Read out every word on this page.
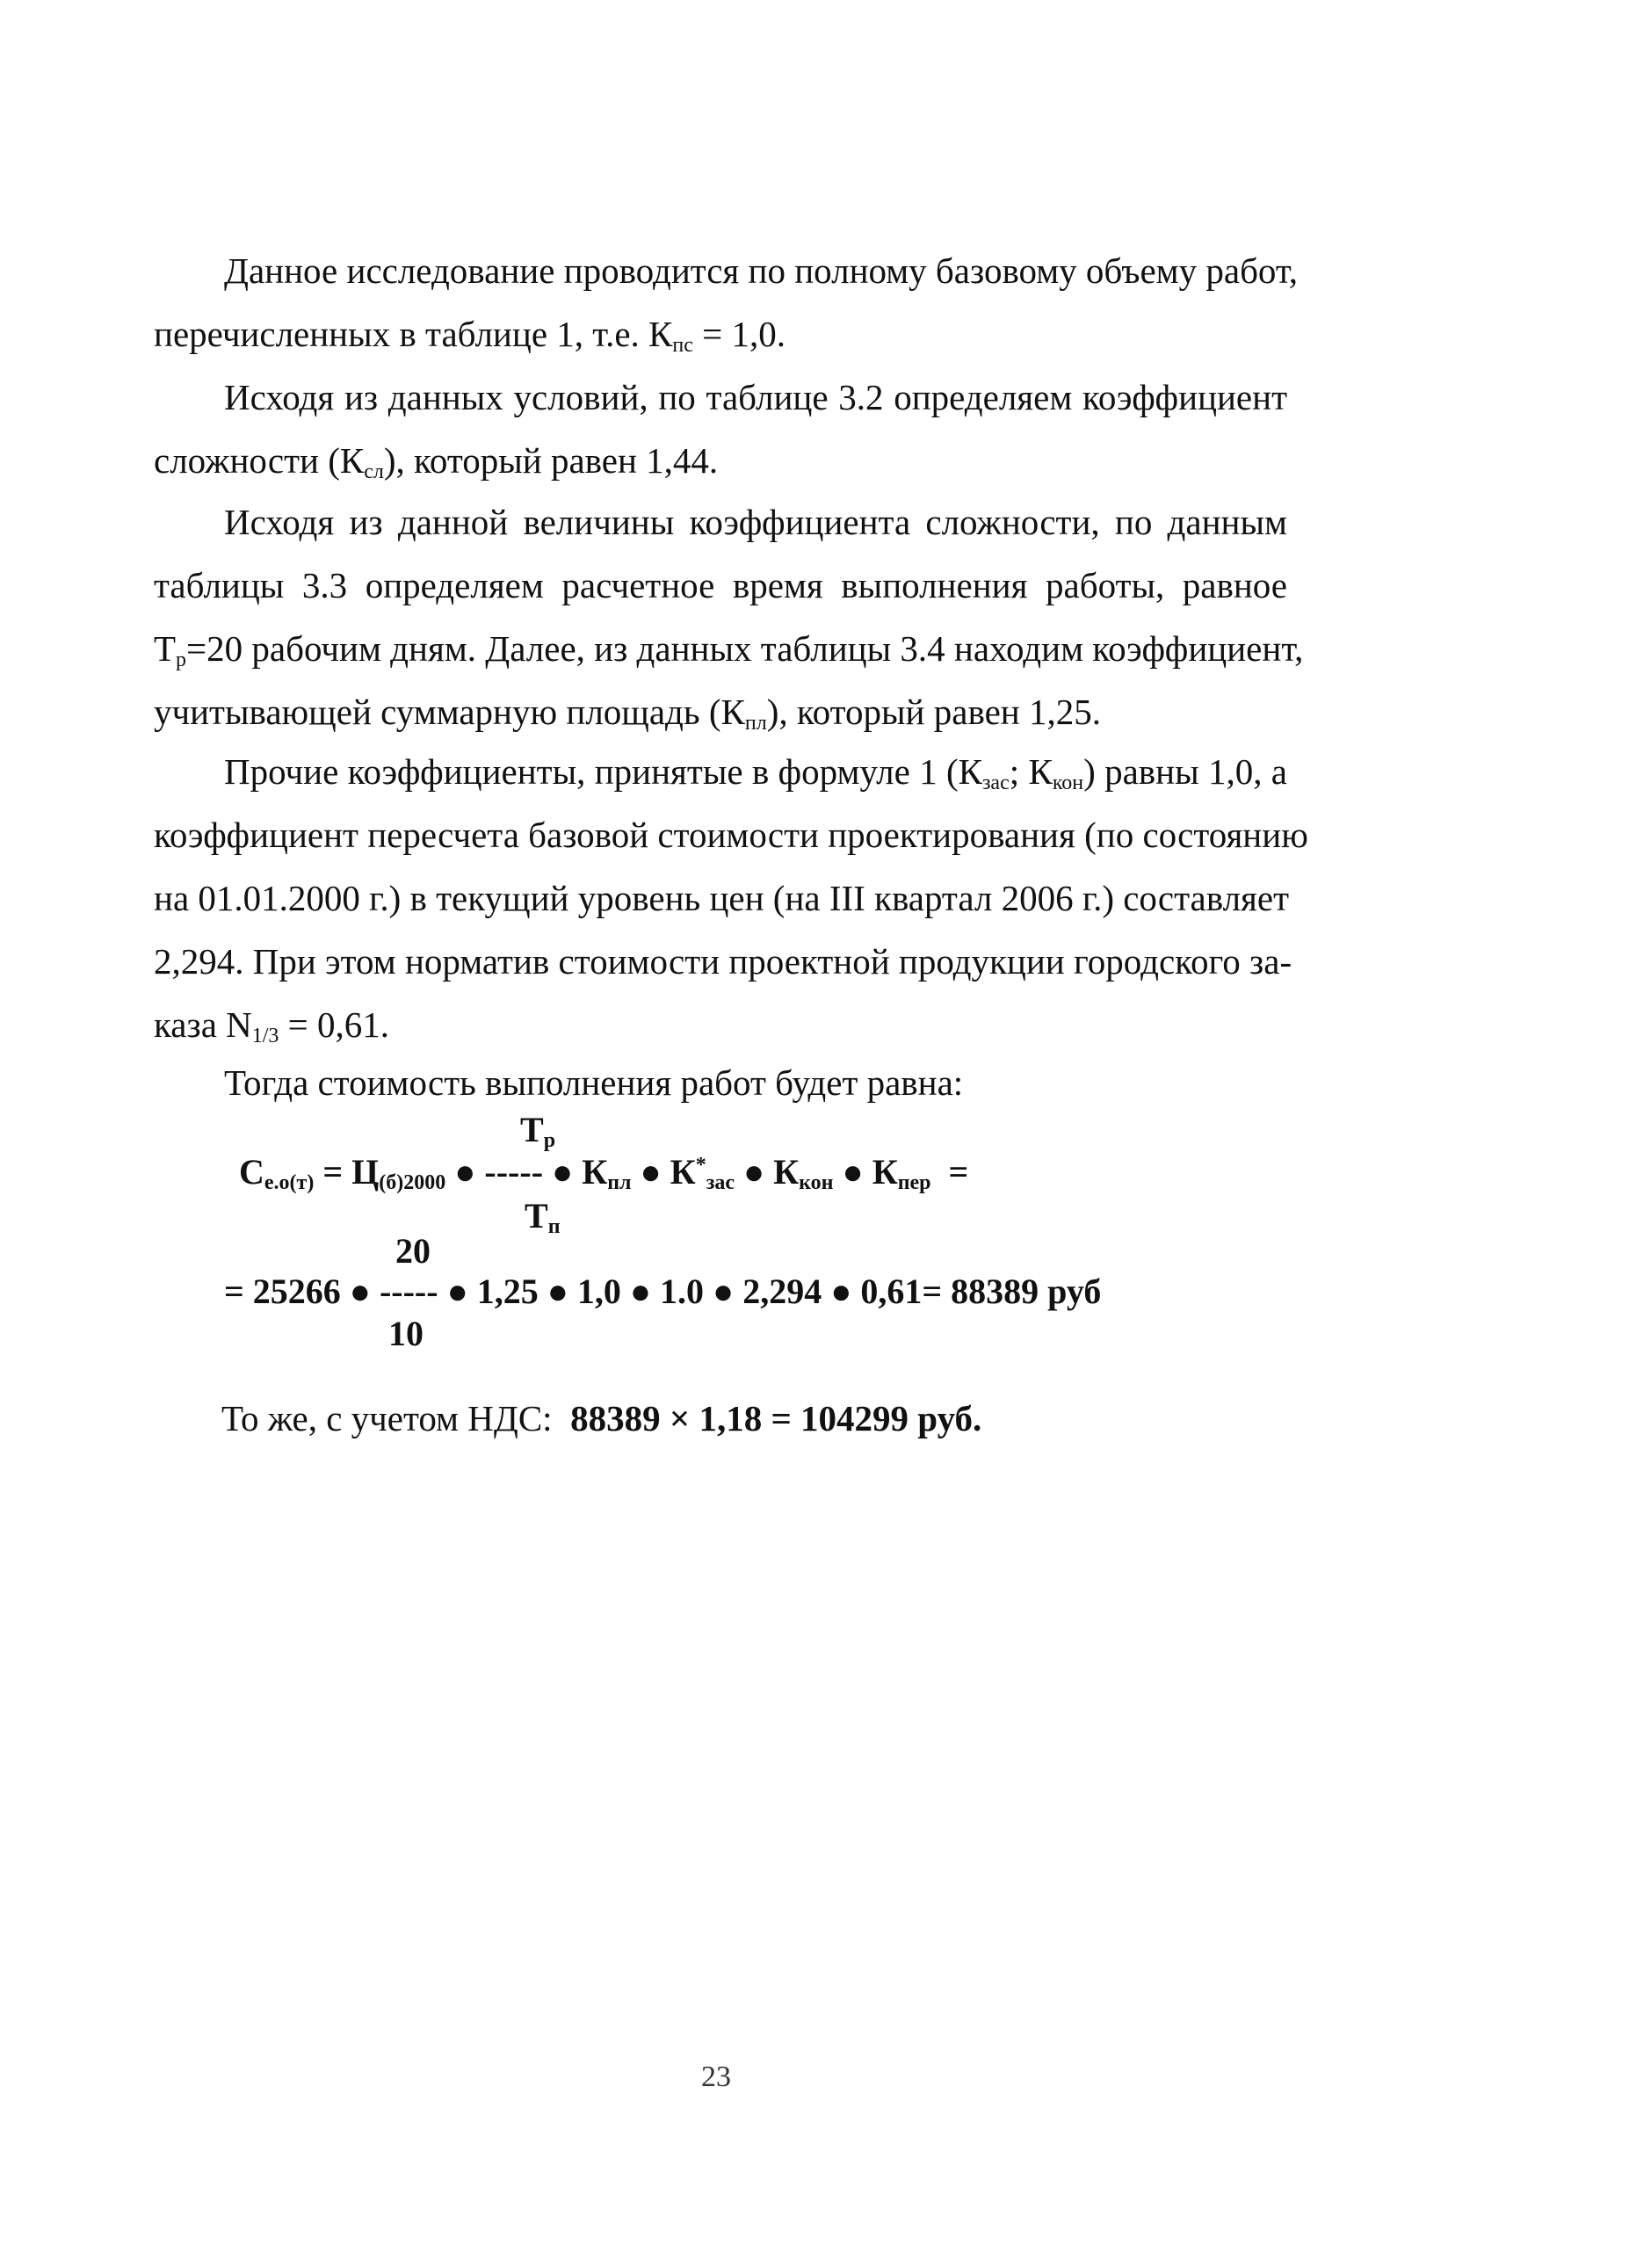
Данное исследование проводится по полному базовому объему работ,
перечисленных в таблице 1, т.е. $К_{пс} = 1,0$.
Исходя из данных условий, по таблице 3.2 определяем коэффициент
сложности $(К_{сл})$, который равен 1,44.
Исходя из данной величины коэффициента сложности, по данным
таблицы 3.3 определяем расчетное время выполнения работы, равное
$Т_р=20$ рабочим дням. Далее, из данных таблицы 3.4 находим коэффициент,
учитывающей суммарную площадь $(К_{пл})$, который равен 1,25.
Прочие коэффициенты, принятые в формуле 1 ($К_{зас}$; $К_{кон}$) равны 1,0, а
коэффициент пересчета базовой стоимости проектирования (по состоянию
на 01.01.2000 г.) в текущий уровень цен (на III квартал 2006 г.) составляет
2,294. При этом норматив стоимости проектной продукции городского за-
каза $N_{1/3} = 0,61$.
Тогда стоимость выполнения работ будет равна:
$Т_р$
$С_{е.о(т)} = Ц_{(б)2000}$ ● ----- ● $К_{пл}$ ● $К^*_{зас}$ ● $К_{кон}$ ● $К_{пер}$ =
$Т_п$
20
= 25266 ● ----- ● 1,25 ● 1,0 ● 1.0 ● 2,294 ● 0,61= 88389 руб
10
То же, с учетом НДС: 88389 × 1,18 = 104299 руб.
23
